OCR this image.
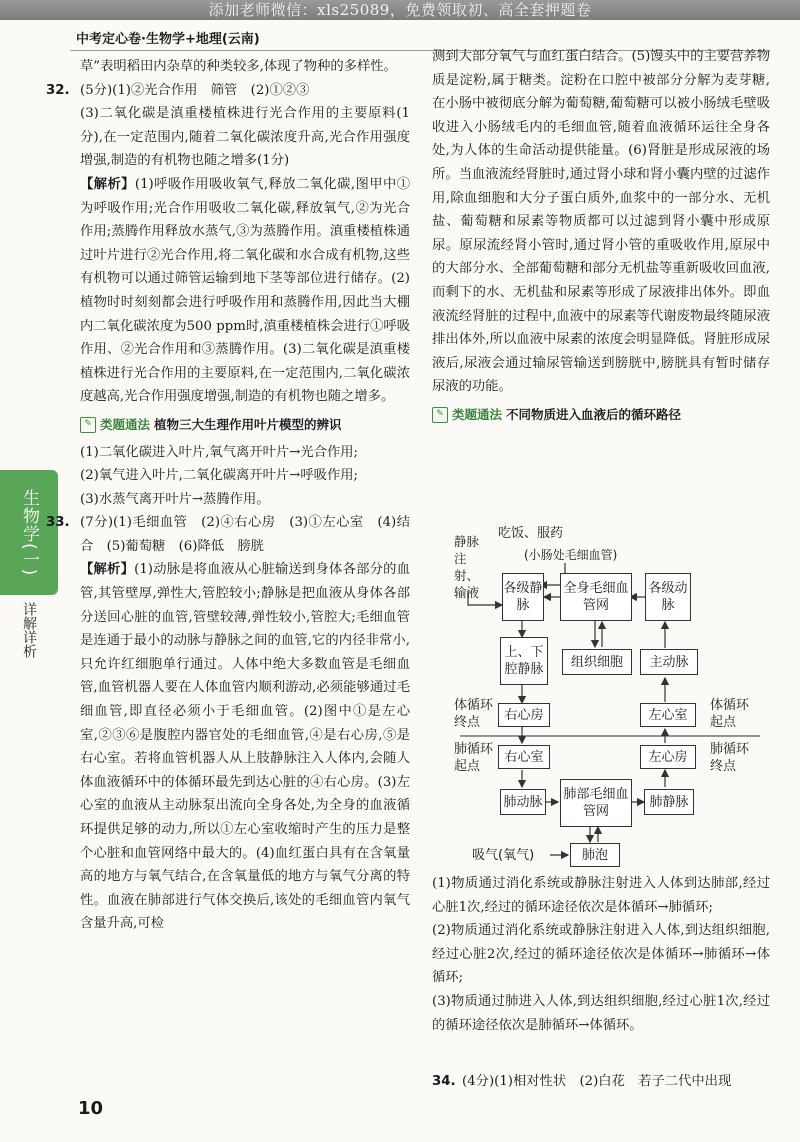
添加老师微信：xls25089，免费领取初、高全套押题卷
中考定心卷·生物学+地理(云南)
生物学(一)
详解详析

草”表明稻田内杂草的种类较多,体现了物种的多样性。

32. (5分)(1)②光合作用　筛管　(2)①②③

(3)二氧化碳是滇重楼植株进行光合作用的主要原料(1分),在一定范围内,随着二氧化碳浓度升高,光合作用强度增强,制造的有机物也随之增多(1分)

【解析】(1)呼吸作用吸收氧气,释放二氧化碳,图甲中①为呼吸作用;光合作用吸收二氧化碳,释放氧气,②为光合作用;蒸腾作用释放水蒸气,③为蒸腾作用。滇重楼植株通过叶片进行②光合作用,将二氧化碳和水合成有机物,这些有机物可以通过筛管运输到地下茎等部位进行储存。(2)植物时时刻刻都会进行呼吸作用和蒸腾作用,因此当大棚内二氧化碳浓度为500 ppm时,滇重楼植株会进行①呼吸作用、②光合作用和③蒸腾作用。(3)二氧化碳是滇重楼植株进行光合作用的主要原料,在一定范围内,二氧化碳浓度越高,光合作用强度增强,制造的有机物也随之增多。

✎ 类题通法 植物三大生理作用叶片模型的辨识

(1)二氧化碳进入叶片,氧气离开叶片→光合作用;

(2)氧气进入叶片,二氧化碳离开叶片→呼吸作用;

(3)水蒸气离开叶片→蒸腾作用。

33. (7分)(1)毛细血管　(2)④右心房　(3)①左心室　(4)结合　(5)葡萄糖　(6)降低　膀胱

【解析】(1)动脉是将血液从心脏输送到身体各部分的血管,其管壁厚,弹性大,管腔较小;静脉是把血液从身体各部分送回心脏的血管,管壁较薄,弹性较小,管腔大;毛细血管是连通于最小的动脉与静脉之间的血管,它的内径非常小,只允许红细胞单行通过。人体中绝大多数血管是毛细血管,血管机器人要在人体血管内顺利游动,必须能够通过毛细血管,即直径必须小于毛细血管。(2)图中①是左心室,②③⑥是腹腔内器官处的毛细血管,④是右心房,⑤是右心室。若将血管机器人从上肢静脉注入人体内,会随人体血液循环中的体循环最先到达心脏的④右心房。(3)左心室的血液从主动脉泵出流向全身各处,为全身的血液循环提供足够的动力,所以①左心室收缩时产生的压力是整个心脏和血管网络中最大的。(4)血红蛋白具有在含氧量高的地方与氧气结合,在含氧量低的地方与氧气分离的特性。血液在肺部进行气体交换后,该处的毛细血管内氧气含量升高,可检

测到大部分氧气与血红蛋白结合。(5)馒头中的主要营养物质是淀粉,属于糖类。淀粉在口腔中被部分分解为麦芽糖,在小肠中被彻底分解为葡萄糖,葡萄糖可以被小肠绒毛壁吸收进入小肠绒毛内的毛细血管,随着血液循环运往全身各处,为人体的生命活动提供能量。(6)肾脏是形成尿液的场所。当血液流经肾脏时,通过肾小球和肾小囊内壁的过滤作用,除血细胞和大分子蛋白质外,血浆中的一部分水、无机盐、葡萄糖和尿素等物质都可以过滤到肾小囊中形成原尿。原尿流经肾小管时,通过肾小管的重吸收作用,原尿中的大部分水、全部葡萄糖和部分无机盐等重新吸收回血液,而剩下的水、无机盐和尿素等形成了尿液排出体外。即血液流经肾脏的过程中,血液中的尿素等代谢废物最终随尿液排出体外,所以血液中尿素的浓度会明显降低。肾脏形成尿液后,尿液会通过输尿管输送到膀胱中,膀胱具有暂时储存尿液的功能。

✎ 类题通法 不同物质进入血液后的循环路径
吃饭、服药
(小肠处毛细血管)
静脉注射、输液	各级静脉
全身毛细血管网
各级动脉
上、下腔静脉	组织细胞	主动脉
右心房	左心室
右心室	左心房
肺动脉 肺部毛细血管网
肺静脉
肺泡
体循环终点
体循环起点
肺循环起点
肺循环终点
吸气(氧气)

(1)物质通过消化系统或静脉注射进入人体到达肺部,经过心脏1次,经过的循环途径依次是体循环→肺循环;

(2)物质通过消化系统或静脉注射进入人体,到达组织细胞,经过心脏2次,经过的循环途径依次是体循环→肺循环→体循环;

(3)物质通过肺进入人体,到达组织细胞,经过心脏1次,经过的循环途径依次是肺循环→体循环。

34. (4分)(1)相对性状　(2)白花　若子二代中出现
10
